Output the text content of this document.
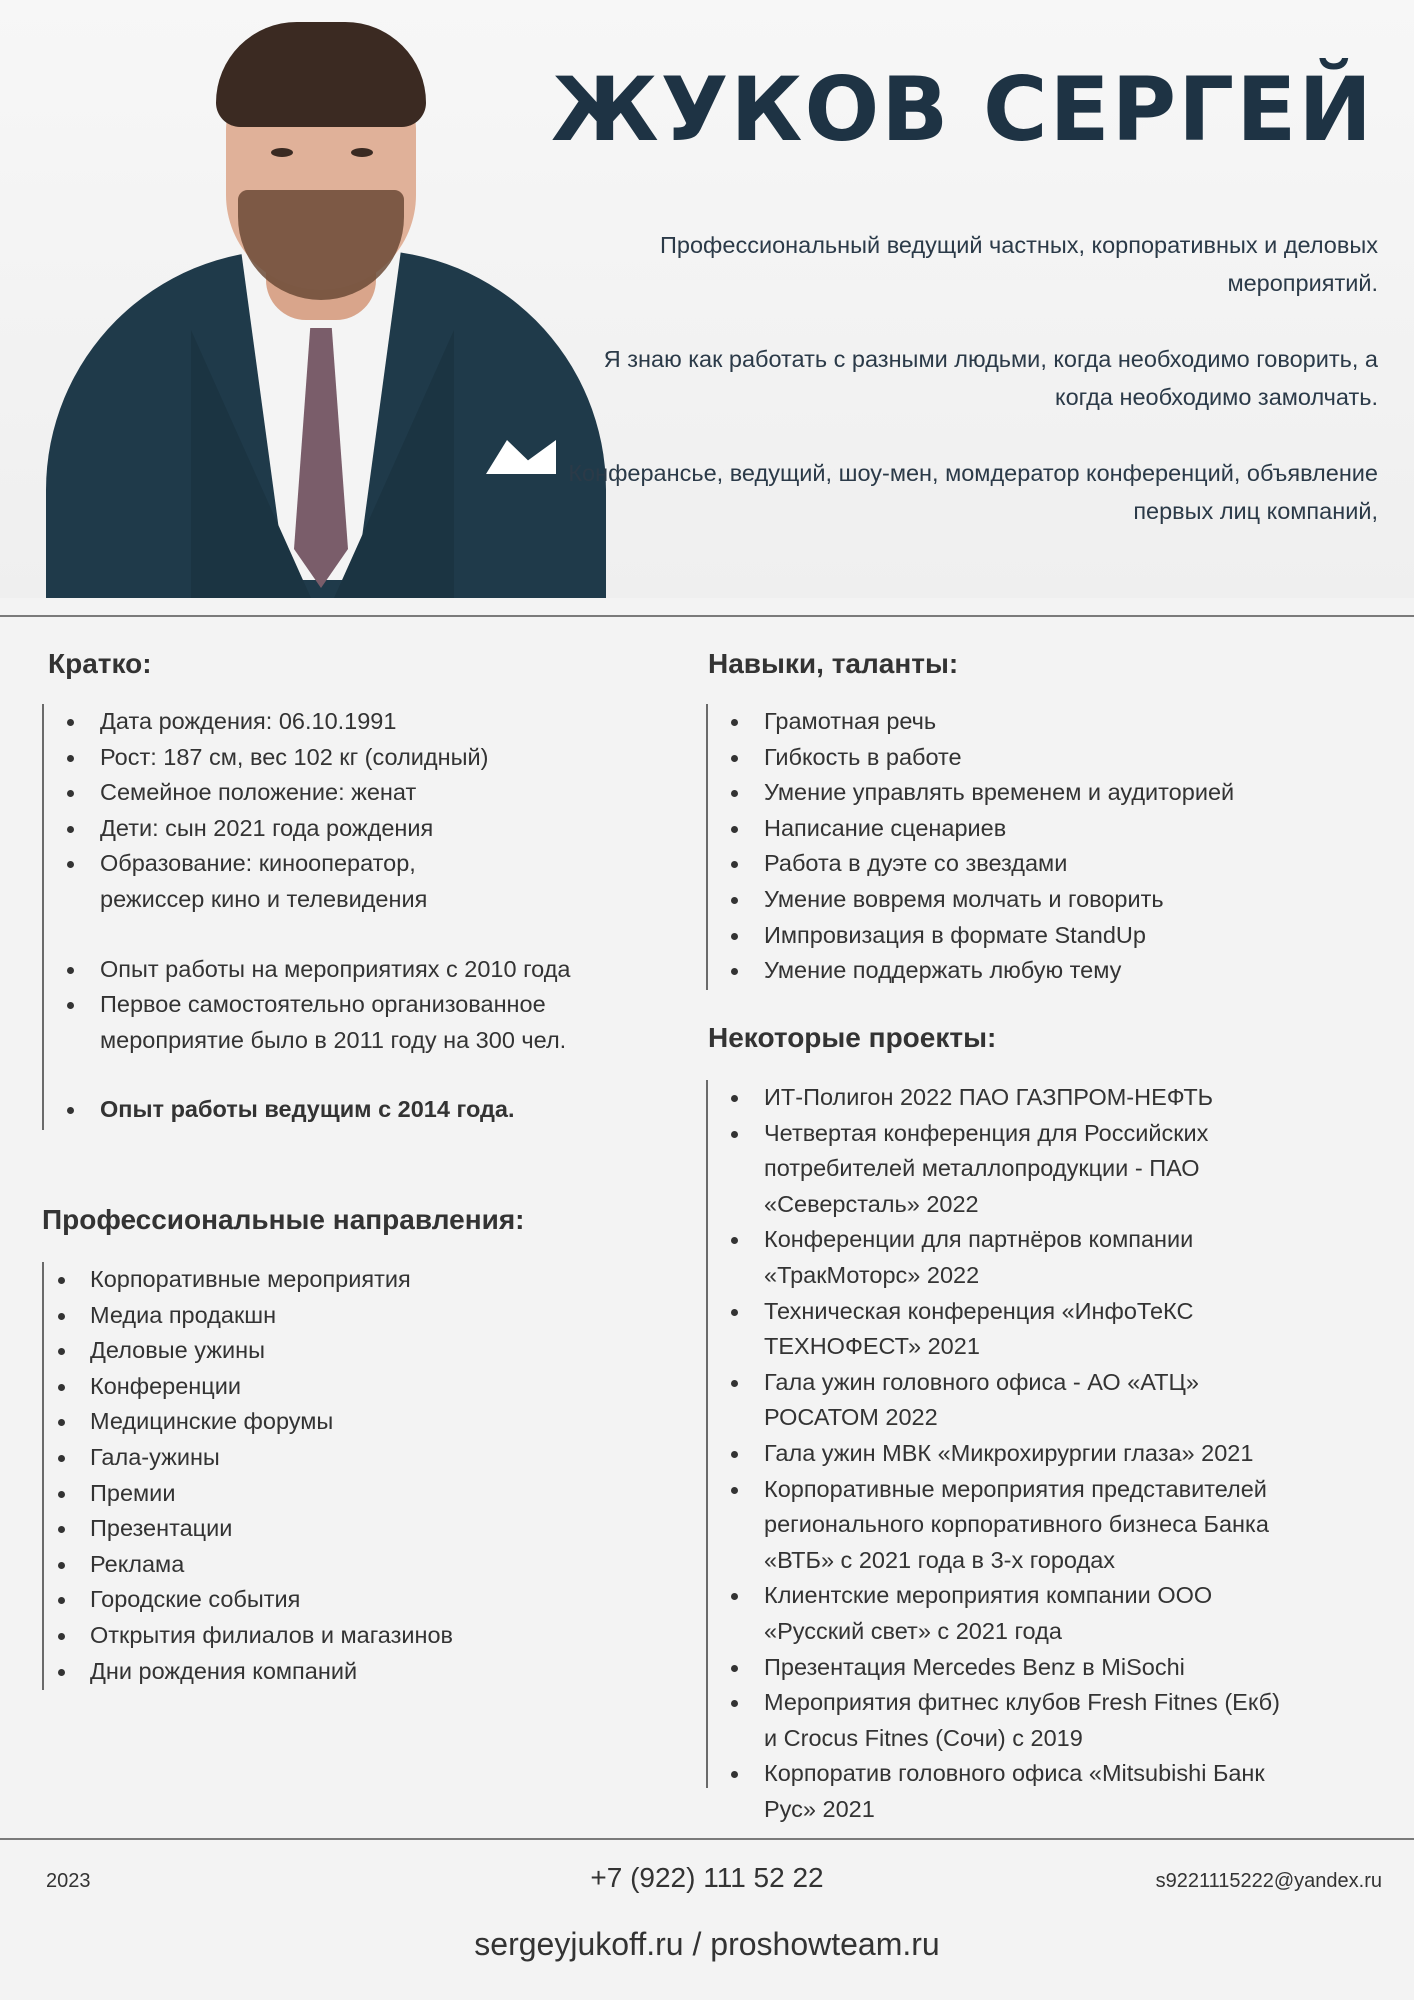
ЖУКОВ СЕРГЕЙ

Профессиональный ведущий частных, корпоративных и деловых мероприятий.

Я знаю как работать с разными людьми, когда необходимо говорить, а когда необходимо замолчать.

Конферансье, ведущий, шоу-мен, момдератор конференций, объявление первых лиц компаний,

Кратко:
Дата рождения: 06.10.1991
Рост: 187 см, вес 102 кг (солидный)
Семейное положение: женат
Дети: сын 2021 года рождения
Образование: кинооператор, режиссер кино и телевидения
Опыт работы на мероприятиях с 2010 года
Первое самостоятельно организованное мероприятие было в 2011 году на 300 чел.
Опыт работы ведущим с 2014 года.
Профессиональные направления:
Корпоративные мероприятия
Медиа продакшн
Деловые ужины
Конференции
Медицинские форумы
Гала-ужины
Премии
Презентации
Реклама
Городские события
Открытия филиалов и магазинов
Дни рождения компаний
Навыки, таланты:
Грамотная речь
Гибкость в работе
Умение управлять временем и аудиторией
Написание сценариев
Работа в дуэте со звездами
Умение вовремя молчать и говорить
Импровизация в формате StandUp
Умение поддержать любую тему
Некоторые проекты:
ИТ-Полигон 2022 ПАО ГАЗПРОМ-НЕФТЬ
Четвертая конференция для Российских потребителей металлопродукции - ПАО «Северсталь» 2022
Конференции для партнёров компании «ТракМоторс» 2022
Техническая конференция «ИнфоТеКС ТЕХНОФЕСТ» 2021
Гала ужин головного офиса - АО «АТЦ» РОСАТОМ 2022
Гала ужин МВК «Микрохирургии глаза» 2021
Корпоративные мероприятия представителей регионального корпоративного бизнеса Банка «ВТБ» с 2021 года в 3-х городах
Клиентские мероприятия компании ООО «Русский свет» с 2021 года
Презентация Mercedes Benz в MiSochi
Мероприятия фитнес клубов Fresh Fitnes (Екб) и Crocus Fitnes (Сочи) с 2019
Корпоратив головного офиса «Mitsubishi Банк Рус» 2021
2023	+7 (922) 111 52 22	s9221115222@yandex.ru
sergeyjukoff.ru / proshowteam.ru
